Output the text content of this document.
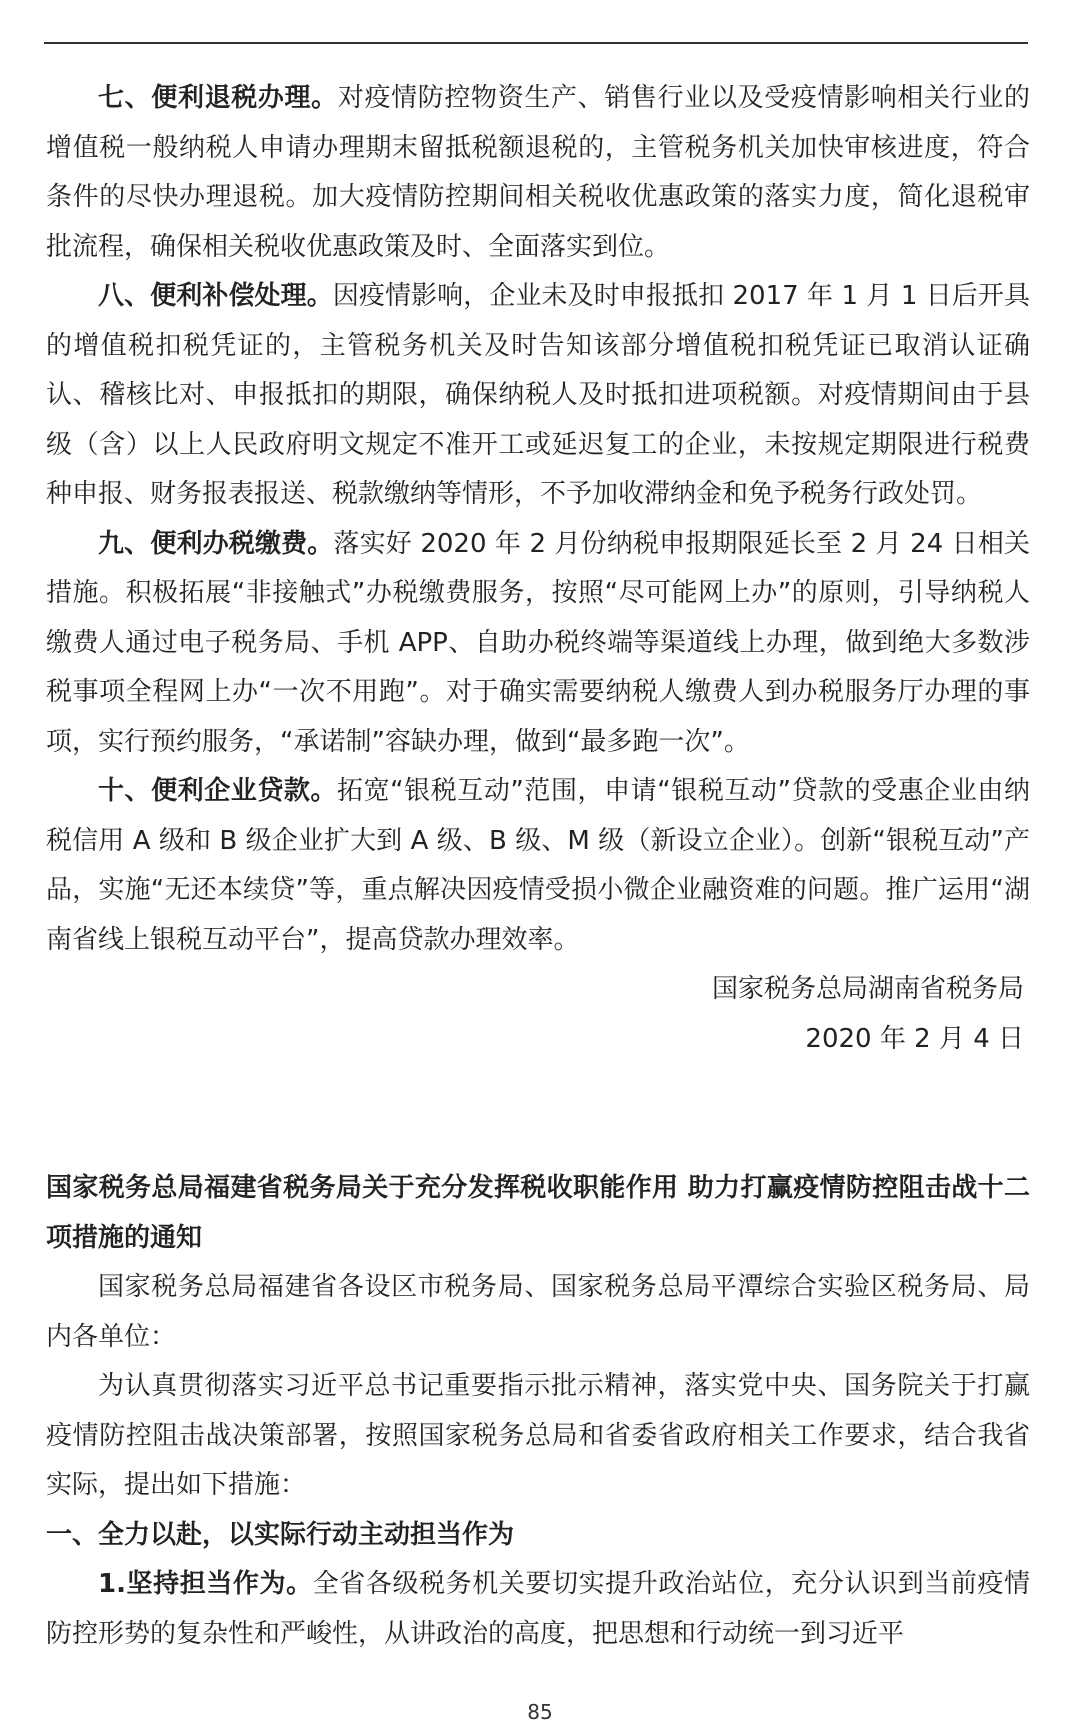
七、便利退税办理。对疫情防控物资生产、销售行业以及受疫情影响相关行业的增值税一般纳税人申请办理期末留抵税额退税的，主管税务机关加快审核进度，符合条件的尽快办理退税。加大疫情防控期间相关税收优惠政策的落实力度，简化退税审批流程，确保相关税收优惠政策及时、全面落实到位。

八、便利补偿处理。因疫情影响，企业未及时申报抵扣 2017 年 1 月 1 日后开具的增值税扣税凭证的，主管税务机关及时告知该部分增值税扣税凭证已取消认证确认、稽核比对、申报抵扣的期限，确保纳税人及时抵扣进项税额。对疫情期间由于县级（含）以上人民政府明文规定不准开工或延迟复工的企业，未按规定期限进行税费种申报、财务报表报送、税款缴纳等情形，不予加收滞纳金和免予税务行政处罚。

九、便利办税缴费。落实好 2020 年 2 月份纳税申报期限延长至 2 月 24 日相关措施。积极拓展“非接触式”办税缴费服务，按照“尽可能网上办”的原则，引导纳税人缴费人通过电子税务局、手机 APP、自助办税终端等渠道线上办理，做到绝大多数涉税事项全程网上办“一次不用跑”。对于确实需要纳税人缴费人到办税服务厅办理的事项，实行预约服务，“承诺制”容缺办理，做到“最多跑一次”。

十、便利企业贷款。拓宽“银税互动”范围，申请“银税互动”贷款的受惠企业由纳税信用 A 级和 B 级企业扩大到 A 级、B 级、M 级（新设立企业）。创新“银税互动”产品，实施“无还本续贷”等，重点解决因疫情受损小微企业融资难的问题。推广运用“湖南省线上银税互动平台”，提高贷款办理效率。

国家税务总局湖南省税务局

2020 年 2 月 4 日

国家税务总局福建省税务局关于充分发挥税收职能作用 助力打赢疫情防控阻击战十二项措施的通知

国家税务总局福建省各设区市税务局、国家税务总局平潭综合实验区税务局、局内各单位：

为认真贯彻落实习近平总书记重要指示批示精神，落实党中央、国务院关于打赢疫情防控阻击战决策部署，按照国家税务总局和省委省政府相关工作要求，结合我省实际，提出如下措施：

一、全力以赴，以实际行动主动担当作为

1.坚持担当作为。全省各级税务机关要切实提升政治站位，充分认识到当前疫情防控形势的复杂性和严峻性，从讲政治的高度，把思想和行动统一到习近平

85
